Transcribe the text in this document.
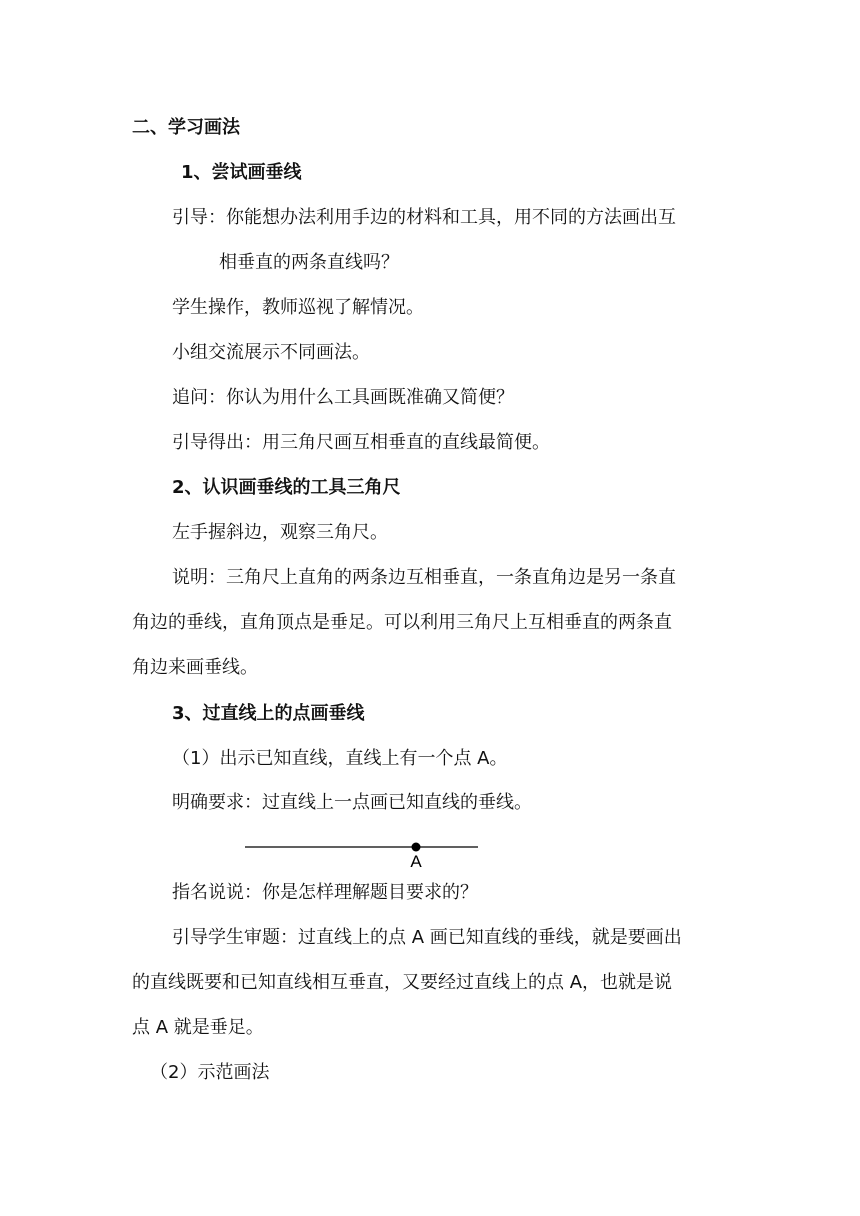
二、学习画法
1、尝试画垂线
引导：你能想办法利用手边的材料和工具，用不同的方法画出互
相垂直的两条直线吗？
学生操作，教师巡视了解情况。
小组交流展示不同画法。
追问：你认为用什么工具画既准确又简便？
引导得出：用三角尺画互相垂直的直线最简便。
2、认识画垂线的工具三角尺
左手握斜边，观察三角尺。
说明：三角尺上直角的两条边互相垂直，一条直角边是另一条直
角边的垂线，直角顶点是垂足。可以利用三角尺上互相垂直的两条直
角边来画垂线。
3、过直线上的点画垂线
（1）出示已知直线，直线上有一个点 A。
明确要求：过直线上一点画已知直线的垂线。
A
指名说说：你是怎样理解题目要求的？
引导学生审题：过直线上的点 A 画已知直线的垂线，就是要画出
的直线既要和已知直线相互垂直，又要经过直线上的点 A，也就是说
点 A 就是垂足。
（2）示范画法
